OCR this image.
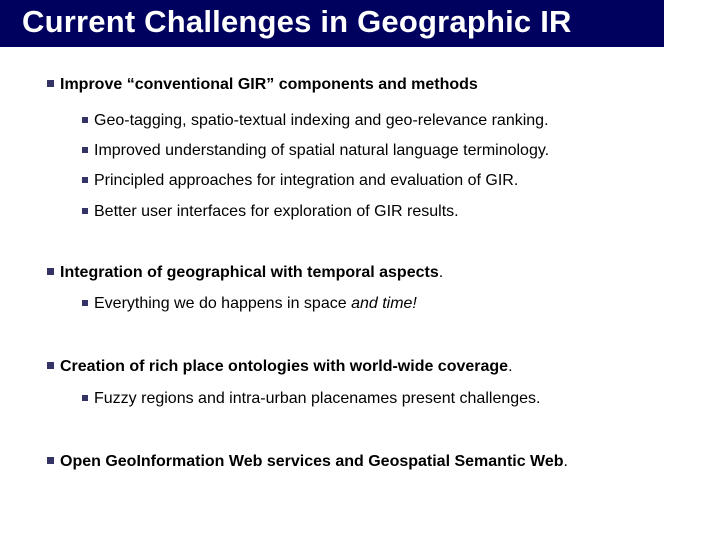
Current Challenges in Geographic IR
Improve “conventional GIR” components and methods
Geo-tagging, spatio-textual indexing and geo-relevance ranking.
Improved understanding of spatial natural language terminology.
Principled approaches for integration and evaluation of GIR.
Better user interfaces for exploration of GIR results.
Integration of geographical with temporal aspects .
Everything we do happens in space and time!
Creation of rich place ontologies with world-wide coverage .
Fuzzy regions and intra-urban placenames present challenges.
Open GeoInformation Web services and Geospatial Semantic Web .
